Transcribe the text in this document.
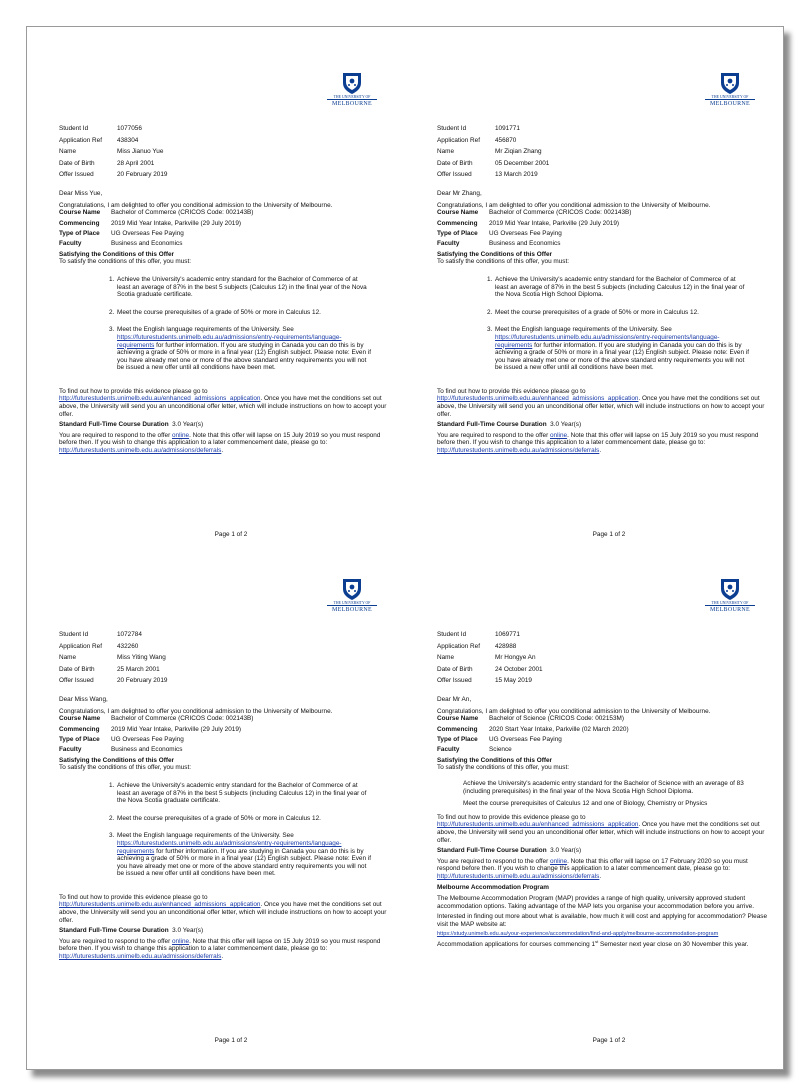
THE UNIVERSITY OF
MELBOURNE
Student Id	1077056
Application Ref	438304
Name	Miss Jianuo Yue
Date of Birth	28 April 2001
Offer Issued	20 February 2019
Dear Miss Yue,
Congratulations, I am delighted to offer you conditional admission to the University of Melbourne.
Course Name	Bachelor of Commerce (CRICOS Code: 002143B)
Commencing	2019 Mid Year Intake, Parkville (29 July 2019)
Type of Place	UG Overseas Fee Paying
Faculty	Business and Economics
Satisfying the Conditions of this Offer
To satisfy the conditions of this offer, you must:
1. Achieve the University's academic entry standard for the Bachelor of Commerce of at least an average of 87% in the best 5 subjects (Calculus 12) in the final year of the Nova Scotia graduate certificate.
2. Meet the course prerequisites of a grade of 50% or more in Calculus 12.
3. Meet the English language requirements of the University. See https://futurestudents.unimelb.edu.au/admissions/entry-requirements/language-requirements for further information. If you are studying in Canada you can do this is by achieving a grade of 50% or more in a final year (12) English subject. Please note: Even if you have already met one or more of the above standard entry requirements you will not be issued a new offer until all conditions have been met.
To find out how to provide this evidence please go to
http://futurestudents.unimelb.edu.au/enhanced_admissions_application. Once you have met the conditions set out above, the University will send you an unconditional offer letter, which will include instructions on how to accept your offer.
Standard Full-Time Course Duration 3.0 Year(s)
You are required to respond to the offer online. Note that this offer will lapse on 15 July 2019 so you must respond before then. If you wish to change this application to a later commencement date, please go to:
http://futurestudents.unimelb.edu.au/admissions/deferrals.
Page 1 of 2
THE UNIVERSITY OF
MELBOURNE
Student Id	1091771
Application Ref	456870
Name	Mr Ziqian Zhang
Date of Birth	05 December 2001
Offer Issued	13 March 2019
Dear Mr Zhang,
Congratulations, I am delighted to offer you conditional admission to the University of Melbourne.
Course Name	Bachelor of Commerce (CRICOS Code: 002143B)
Commencing	2019 Mid Year Intake, Parkville (29 July 2019)
Type of Place	UG Overseas Fee Paying
Faculty	Business and Economics
Satisfying the Conditions of this Offer
To satisfy the conditions of this offer, you must:
1. Achieve the University's academic entry standard for the Bachelor of Commerce of at least an average of 87% in the best 5 subjects (including Calculus 12) in the final year of the Nova Scotia High School Diploma.
2. Meet the course prerequisites of a grade of 50% or more in Calculus 12.
3. Meet the English language requirements of the University. See https://futurestudents.unimelb.edu.au/admissions/entry-requirements/language-requirements for further information. If you are studying in Canada you can do this is by achieving a grade of 50% or more in a final year (12) English subject. Please note: Even if you have already met one or more of the above standard entry requirements you will not be issued a new offer until all conditions have been met.
To find out how to provide this evidence please go to
http://futurestudents.unimelb.edu.au/enhanced_admissions_application. Once you have met the conditions set out above, the University will send you an unconditional offer letter, which will include instructions on how to accept your offer.
Standard Full-Time Course Duration 3.0 Year(s)
You are required to respond to the offer online. Note that this offer will lapse on 15 July 2019 so you must respond before then. If you wish to change this application to a later commencement date, please go to:
http://futurestudents.unimelb.edu.au/admissions/deferrals.
Page 1 of 2
THE UNIVERSITY OF
MELBOURNE
Student Id	1072784
Application Ref	432260
Name	Miss Yiting Wang
Date of Birth	25 March 2001
Offer Issued	20 February 2019
Dear Miss Wang,
Congratulations, I am delighted to offer you conditional admission to the University of Melbourne.
Course Name	Bachelor of Commerce (CRICOS Code: 002143B)
Commencing	2019 Mid Year Intake, Parkville (29 July 2019)
Type of Place	UG Overseas Fee Paying
Faculty	Business and Economics
Satisfying the Conditions of this Offer
To satisfy the conditions of this offer, you must:
1. Achieve the University's academic entry standard for the Bachelor of Commerce of at least an average of 87% in the best 5 subjects (including Calculus 12) in the final year of the Nova Scotia graduate certificate.
2. Meet the course prerequisites of a grade of 50% or more in Calculus 12.
3. Meet the English language requirements of the University. See https://futurestudents.unimelb.edu.au/admissions/entry-requirements/language-requirements for further information. If you are studying in Canada you can do this is by achieving a grade of 50% or more in a final year (12) English subject. Please note: Even if you have already met one or more of the above standard entry requirements you will not be issued a new offer until all conditions have been met.
To find out how to provide this evidence please go to
http://futurestudents.unimelb.edu.au/enhanced_admissions_application. Once you have met the conditions set out above, the University will send you an unconditional offer letter, which will include instructions on how to accept your offer.
Standard Full-Time Course Duration 3.0 Year(s)
You are required to respond to the offer online. Note that this offer will lapse on 15 July 2019 so you must respond before then. If you wish to change this application to a later commencement date, please go to:
http://futurestudents.unimelb.edu.au/admissions/deferrals.
Page 1 of 2
THE UNIVERSITY OF
MELBOURNE
Student Id	1069771
Application Ref	428988
Name	Mr Hongye An
Date of Birth	24 October 2001
Offer Issued	15 May 2019
Dear Mr An,
Congratulations, I am delighted to offer you conditional admission to the University of Melbourne.
Course Name	Bachelor of Science (CRICOS Code: 002153M)
Commencing	2020 Start Year Intake, Parkville (02 March 2020)
Type of Place	UG Overseas Fee Paying
Faculty	Science
Satisfying the Conditions of this Offer
To satisfy the conditions of this offer, you must:

Achieve the University's academic entry standard for the Bachelor of Science with an average of 83 (including prerequisites) in the final year of the Nova Scotia High School Diploma.

Meet the course prerequisites of Calculus 12 and one of Biology, Chemistry or Physics

To find out how to provide this evidence please go to
http://futurestudents.unimelb.edu.au/enhanced_admissions_application. Once you have met the conditions set out above, the University will send you an unconditional offer letter, which will include instructions on how to accept your offer.
Standard Full-Time Course Duration 3.0 Year(s)
You are required to respond to the offer online. Note that this offer will lapse on 17 February 2020 so you must respond before then. If you wish to change this application to a later commencement date, please go to:
http://futurestudents.unimelb.edu.au/admissions/deferrals.
Melbourne Accommodation Program
The Melbourne Accommodation Program (MAP) provides a range of high quality, university approved student accommodation options. Taking advantage of the MAP lets you organise your accommodation before you arrive.
Interested in finding out more about what is available, how much it will cost and applying for accommodation? Please visit the MAP website at:
https://study.unimelb.edu.au/your-experience/accommodation/find-and-apply/melbourne-accommodation-program
Accommodation applications for courses commencing 1st Semester next year close on 30 November this year.
Page 1 of 2
